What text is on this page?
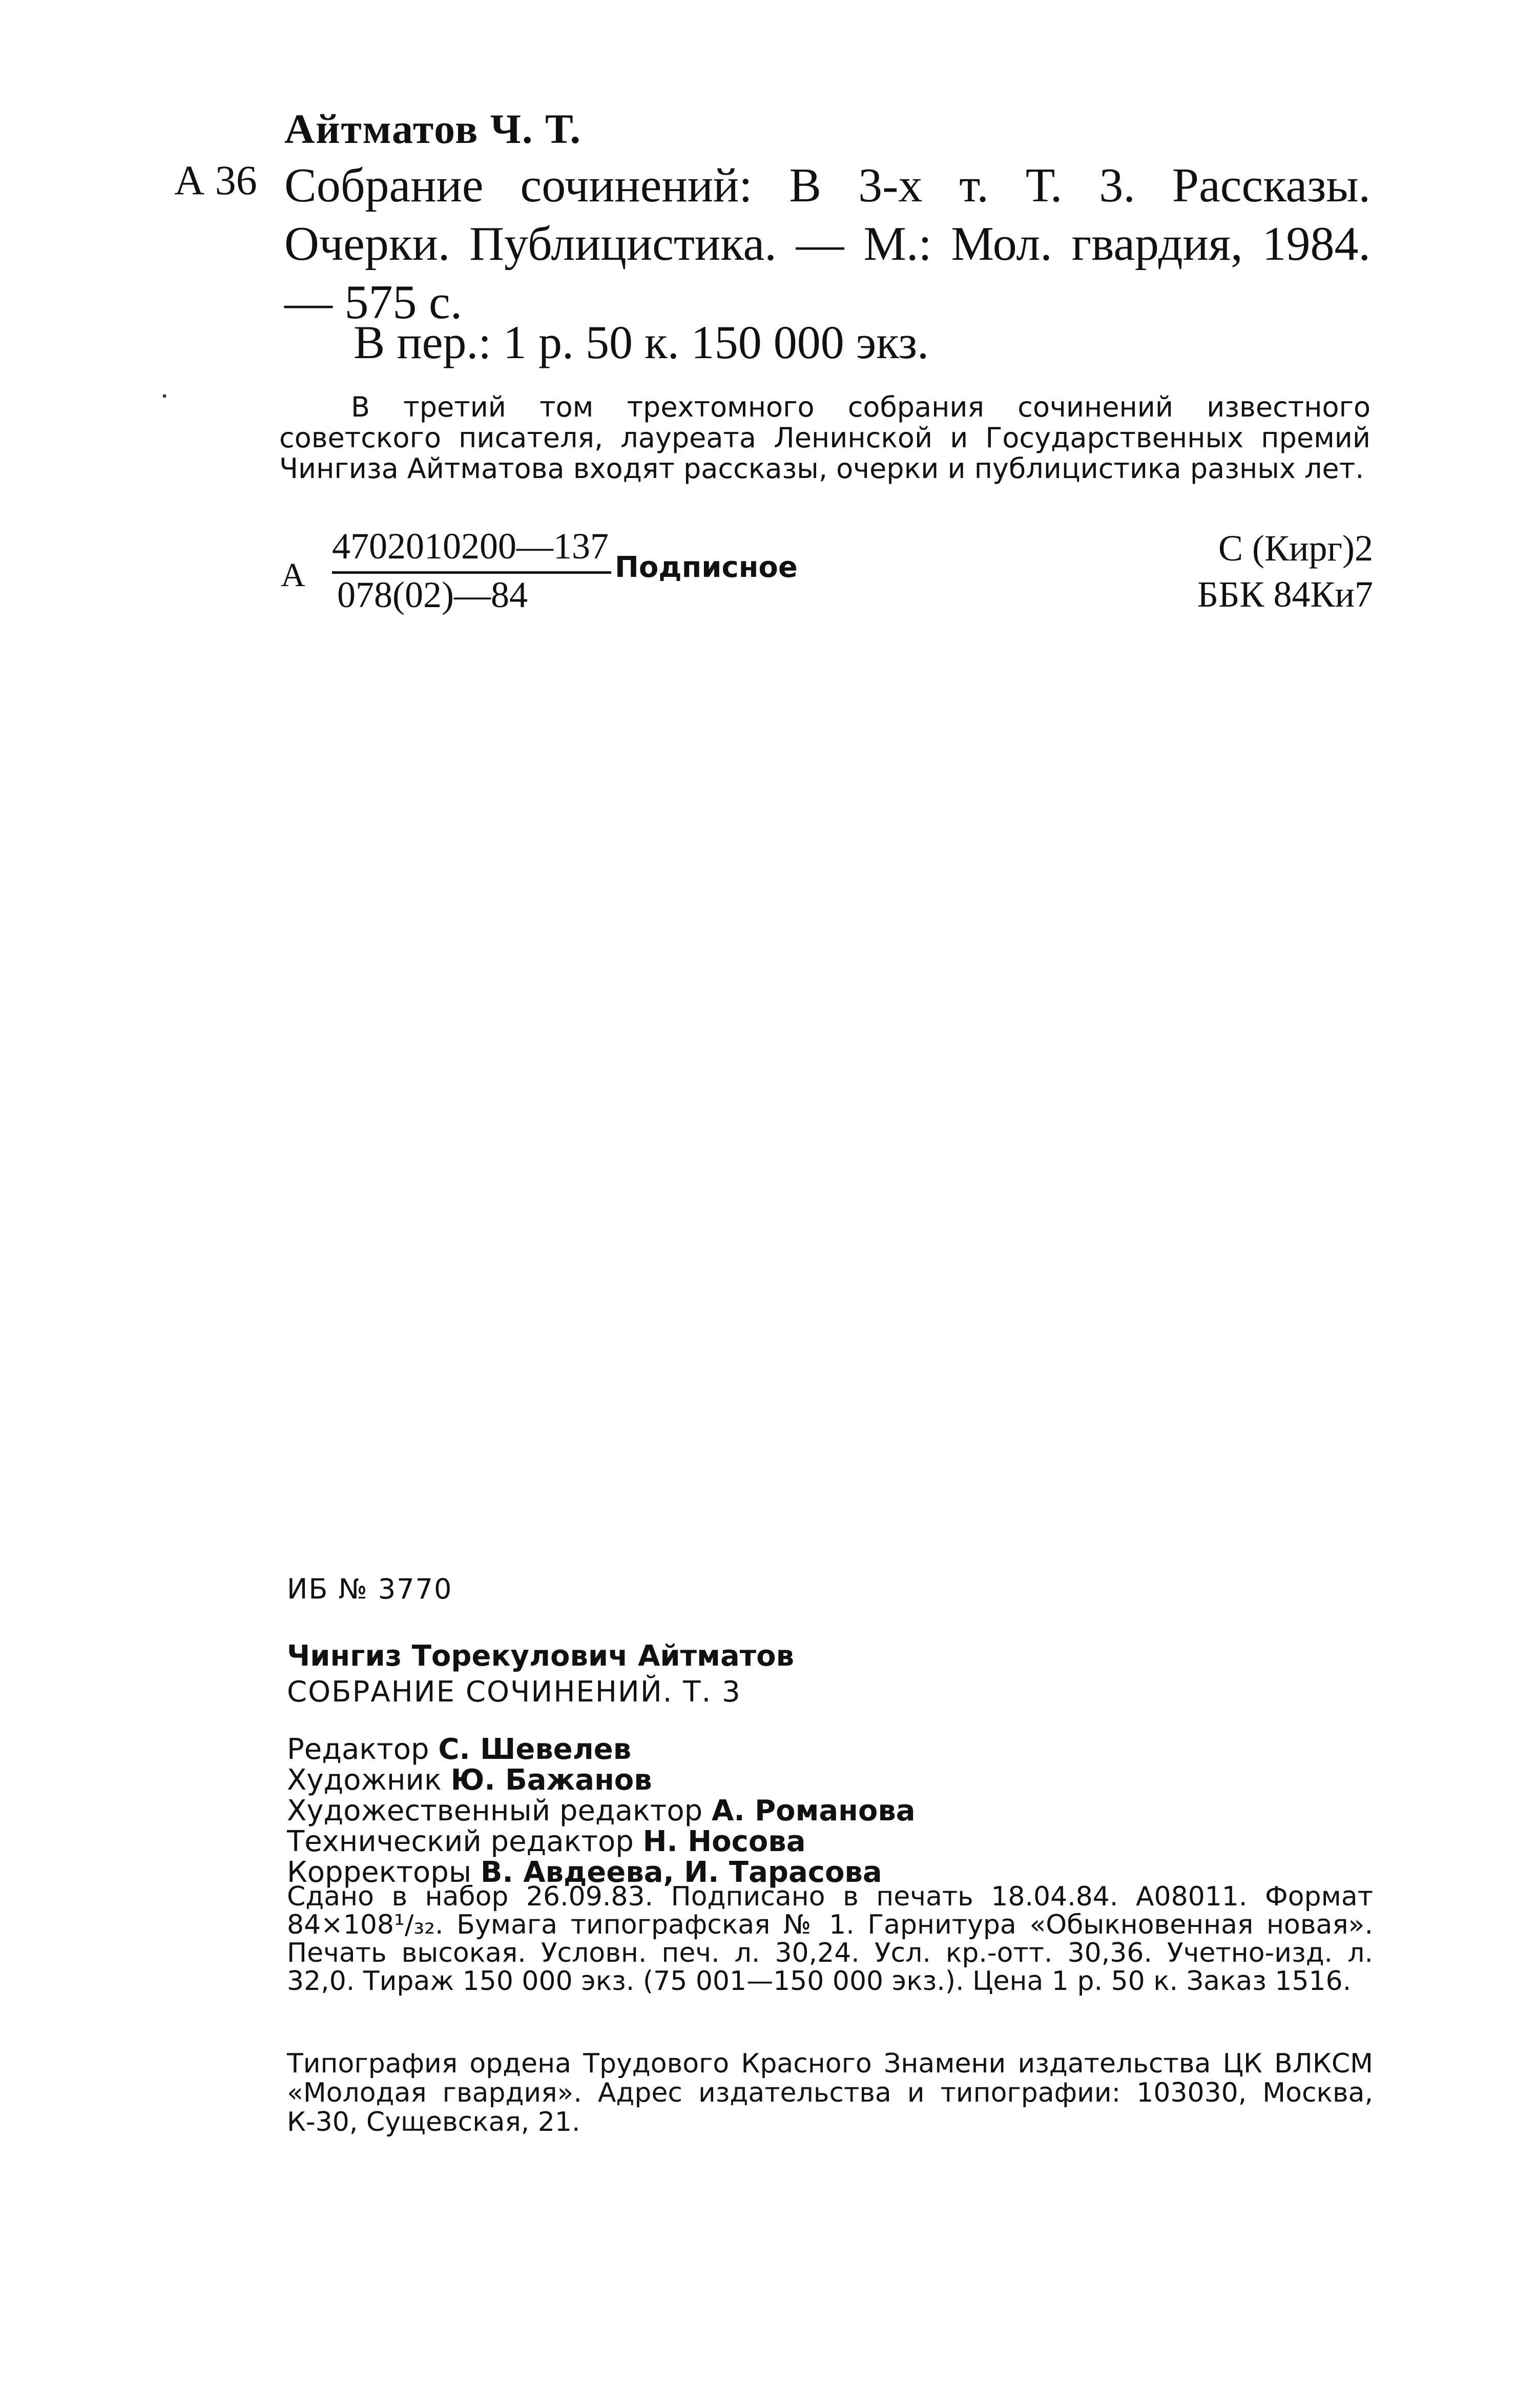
Айтматов Ч. Т.
А 36 Собрание сочинений: В 3-х т. Т. 3. Рассказы. Очерки. Публицистика. — М.: Мол. гвардия, 1984. — 575 с.
В пер.: 1 р. 50 к. 150 000 экз.
В третий том трехтомного собрания сочинений известного советского писателя, лауреата Ленинской и Государственных премий Чингиза Айтматова входят рассказы, очерки и публицистика разных лет.
А
4702010200—137
078(02)—84
Подписное	С (Кирг)2
ББК 84Ки7
ИБ № 3770
Чингиз Торекулович Айтматов
СОБРАНИЕ СОЧИНЕНИЙ. Т. 3
Редактор С. Шевелев
Художник Ю. Бажанов
Художественный редактор А. Романова
Технический редактор Н. Носова
Корректоры В. Авдеева, И. Тарасова
Сдано в набор 26.09.83. Подписано в печать 18.04.84. А08011. Формат 84×108¹/₃₂. Бумага типографская № 1. Гарнитура «Обыкновенная новая». Печать высокая. Условн. печ. л. 30,24. Усл. кр.-отт. 30,36. Учетно-изд. л. 32,0. Тираж 150 000 экз. (75 001—150 000 экз.). Цена 1 р. 50 к. Заказ 1516.
Типография ордена Трудового Красного Знамени издательства ЦК ВЛКСМ «Молодая гвардия». Адрес издательства и типографии: 103030, Москва, К-30, Сущевская, 21.
